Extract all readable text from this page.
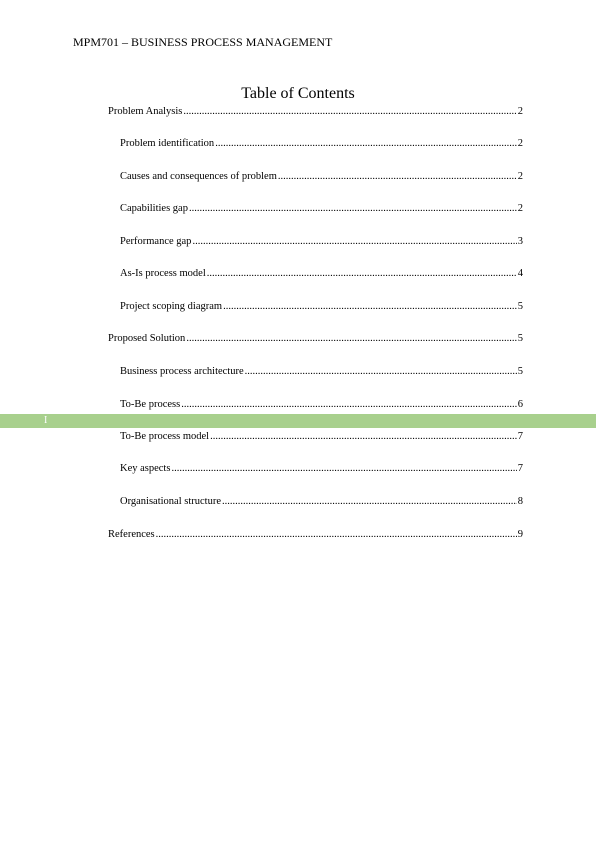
MPM701 – BUSINESS PROCESS MANAGEMENT
Table of Contents
I
Problem Analysis .....	2
Problem identification .....	2
Causes and consequences of problem .....	2
Capabilities gap .....	2
Performance gap .....	3
As-Is process model .....	4
Project scoping diagram .....	5
Proposed Solution .....	5
Business process architecture .....	5
To-Be process .....	6
To-Be process model .....	7
Key aspects .....	7
Organisational structure .....	8
References .....	9
